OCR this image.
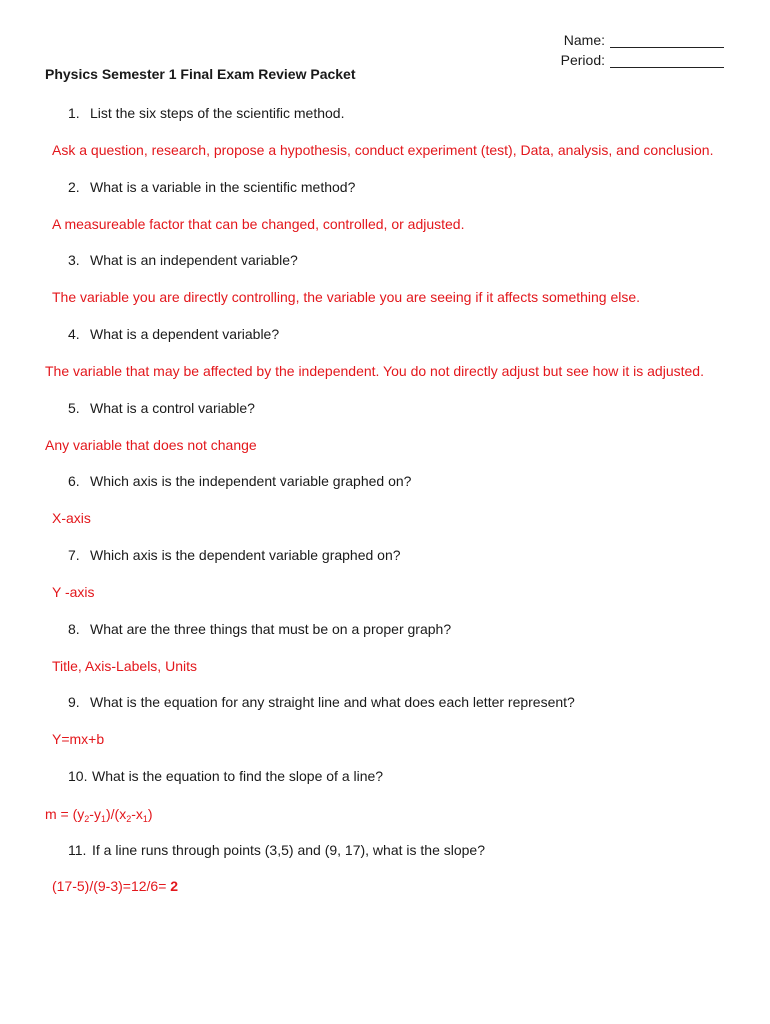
Name:
Period:
Physics Semester 1 Final Exam Review Packet
1. List the six steps of the scientific method.
Ask a question, research, propose a hypothesis, conduct experiment (test), Data, analysis, and conclusion.
2. What is a variable in the scientific method?
A measureable factor that can be changed, controlled, or adjusted.
3. What is an independent variable?
The variable you are directly controlling, the variable you are seeing if it affects something else.
4. What is a dependent variable?
The variable that may be affected by the independent. You do not directly adjust but see how it is adjusted.
5. What is a control variable?
Any variable that does not change
6. Which axis is the independent variable graphed on?
X-axis
7. Which axis is the dependent variable graphed on?
Y -axis
8. What are the three things that must be on a proper graph?
Title, Axis-Labels, Units
9. What is the equation for any straight line and what does each letter represent?
Y=mx+b
10. What is the equation to find the slope of a line?
$m = (y_2-y_1)/(x_2-x_1)$
11. If a line runs through points (3,5) and (9, 17), what is the slope?
(17-5)/(9-3)=12/6= 2
